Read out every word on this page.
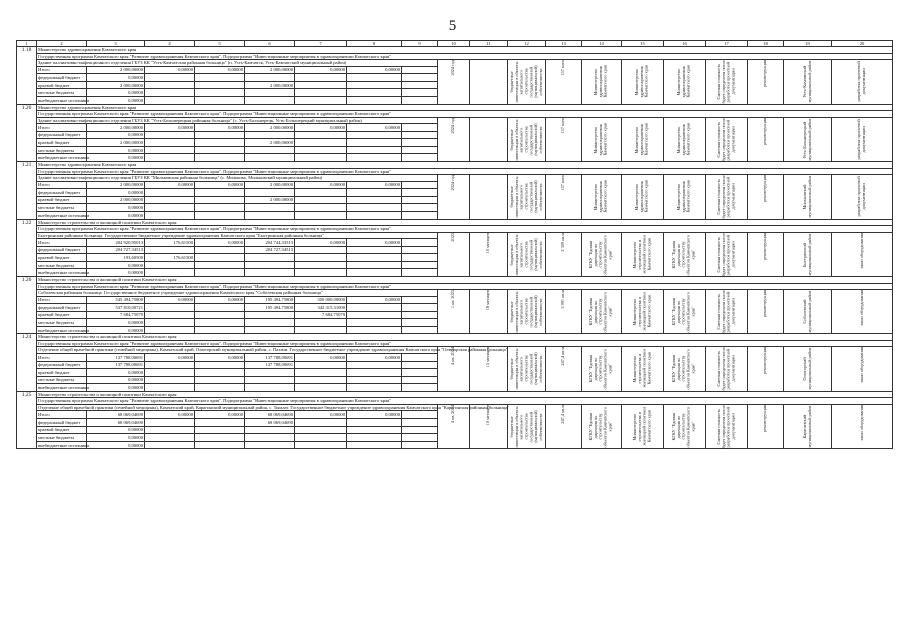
5
1	2	3	4	5	6	7	8	9	10	11	12	13	14	15	16	17	18	19	20
1.18	Министерство здравоохранения Камчатского края																		
	Государственная программа Камчатского края "Развитие здравоохранения Камчатского края". Подпрограмма "Инвестиционные мероприятия в здравоохранении Камчатского края"																		
	Здание паллиативно-инфекционного отделения ГБУЗ КК "Усть-Камчатская районная больница" (п. Усть-Камчатск, Усть-Камчатский муниципальный район)								2024 год		бюджетные инвестиции в объекты капитального строительства государственной (муниципальной) собственности	157 коек	Министерство здравоохранения Камчатского края	Министерство здравоохранения Камчатского края	Министерство здравоохранения Камчатского края	Сметная стоимость будет определена после разработки проектной документации	реконструкция	Усть-Камчатский муниципальный район	разработка проектной документации
	Итого	2 000,00000	0,00000	0,00000	2 000,00000	0,00000	0,00000												
	федеральный бюджет	0,00000																	
	краевой бюджет	2 000,00000			2 000,00000														
	местные бюджеты	0,00000																	
	внебюджетные источники	0,00000																	
1.20	Министерство здравоохранения Камчатского края																		
	Государственная программа Камчатского края "Развитие здравоохранения Камчатского края". Подпрограмма "Инвестиционные мероприятия в здравоохранении Камчатского края"																		
	Здание паллиативно-инфекционного отделения ГБУЗ КК "Усть-Большерецкая районная больница" (с. Усть-Большерецк, Усть-Большерецкий муниципальный район)								2024 год		бюджетные инвестиции в объекты капитального строительства государственной (муниципальной) собственности	157 коек	Министерство здравоохранения Камчатского края	Министерство здравоохранения Камчатского края	Министерство здравоохранения Камчатского края	Сметная стоимость будет определена после разработки проектной документации	реконструкция	Усть-Большерецкий муниципальный район	разработка проектной документации
	Итого	2 000,00000	0,00000	0,00000	2 000,00000	0,00000	0,00000												
	федеральный бюджет	0,00000																	
	краевой бюджет	2 000,00000			2 000,00000														
	местные бюджеты	0,00000																	
	внебюджетные источники	0,00000																	
1.21	Министерство здравоохранения Камчатского края																		
	Государственная программа Камчатского края "Развитие здравоохранения Камчатского края". Подпрограмма "Инвестиционные мероприятия в здравоохранении Камчатского края"																		
	Здание паллиативно-инфекционного отделения ГБУЗ КК "Мильковская районная больница" (с. Мильково, Мильковский муниципальный район)								2024 год		бюджетные инвестиции в объекты капитального строительства государственной (муниципальной) собственности	157 коек	Министерство здравоохранения Камчатского края	Министерство здравоохранения Камчатского края	Министерство здравоохранения Камчатского края	Сметная стоимость будет определена после разработки проектной документации	реконструкция	Мильковский муниципальный район	разработка проектной документации
	Итого	2 000,00000	0,00000	0,00000	2 000,00000	0,00000	0,00000												
	федеральный бюджет	0,00000																	
	краевой бюджет	2 000,00000			2 000,00000														
	местные бюджеты	0,00000																	
	внебюджетные источники	0,00000																	
1.22	Министерство строительства и жилищной политики Камчатского края																		
	Государственная программа Камчатского края "Развитие здравоохранения Камчатского края". Подпрограмма "Инвестиционные мероприятия в здравоохранении Камчатского края"																		
	Быстринская районная больница. Государственное бюджетное учреждение здравоохранения Камчатского края "Быстринская районная больница"								2025	10 месяцев	бюджетные инвестиции в объекты капитального строительства государственной (муниципальной) собственности	2 309 кв.м	КГКУ "Единая дирекция по строительству объектов Камчатского края"	Министерство строительства и жилищной политики Камчатского края	КГКУ "Единая дирекция по строительству объектов Камчатского края"	Сметная стоимость будет определена после разработки проектной документации	реконструкция	Быстринский муниципальный район	заказ оборудования
	Итого	204 920,95013	176,61500	0,00000	204 744,33513	0,00000	0,00000												
	федеральный бюджет	204 727,34513			204 727,34513														
	краевой бюджет	193,60500	176,61500																
	местные бюджеты	0,00000																	
	внебюджетные источники	0,00000																	
1.26	Министерство строительства и жилищной политики Камчатского края																		
	Государственная программа Камчатского края "Развитие здравоохранения Камчатского края". Подпрограмма "Инвестиционные мероприятия в здравоохранении Камчатского края"																		
	Соболевская районная больница. Государственное бюджетное учреждение здравоохранения Камчатского края "Соболевская районная больница"								1 кв. 2025	18 месяцев	бюджетные инвестиции в объекты капитального строительства государственной (муниципальной) собственности	3 991 кв.м	КГКУ "Единая дирекция по строительству объектов Камчатского края"	Министерство строительства и жилищной политики Камчатского края	КГКУ "Единая дирекция по строительству объектов Камчатского края"	Сметная стоимость будет определена после разработки проектной документации	реконструкция	Соболевский муниципальный район	заказ оборудования
	Итого	545 494,75800	0,00000	0,00000	195 494,75800	350 000,00000	0,00000												
	федеральный бюджет	537 810,00721			195 494,75800	342 315,31000													
	краевой бюджет	7 684,75079				7 684,75079													
	местные бюджеты	0,00000																	
	внебюджетные источники	0,00000																	
1.24	Министерство строительства и жилищной политики Камчатского края																		
	Государственная программа Камчатского края "Развитие здравоохранения Камчатского края". Подпрограмма "Инвестиционные мероприятия в здравоохранении Камчатского края"																		
	Отделение общей врачебной практики (семейной медицины), Камчатский край, Олюторский муниципальный район, с. Пахачи. Государственное бюджетное учреждение здравоохранения Камчатского края "Олюторская районная больница"								4 кв. 2024	15 месяцев	бюджетные инвестиции в объекты капитального строительства государственной (муниципальной) собственности	247,4 кв.м	КГКУ "Единая дирекция по строительству объектов Камчатского края"	Министерство строительства и жилищной политики Камчатского края	КГКУ "Единая дирекция по строительству объектов Камчатского края"	Сметная стоимость будет определена после разработки проектной документации	реконструкция	Олюторский муниципальный район	заказ оборудования
	Итого	137 788,00691	0,00000	0,00000	137 788,00691	0,00000	0,00000												
	федеральный бюджет	137 788,00691			137 788,00691														
	краевой бюджет	0,00000																	
	местные бюджеты	0,00000																	
	внебюджетные источники	0,00000																	
1.25	Министерство строительства и жилищной политики Камчатского края																		
	Государственная программа Камчатского края "Развитие здравоохранения Камчатского края". Подпрограмма "Инвестиционные мероприятия в здравоохранении Камчатского края"																		
	Отделение общей врачебной практики (семейной медицины), Камчатский край, Карагинский муниципальный район, с. Тымлат. Государственное бюджетное учреждение здравоохранения Камчатского края "Карагинская районная больница"								4 кв. 2024	10 месяцев	бюджетные инвестиции в объекты капитального строительства государственной (муниципальной) собственности	247,4 кв.м	КГКУ "Единая дирекция по строительству объектов Камчатского края"	Министерство строительства и жилищной политики Камчатского края	КГКУ "Единая дирекция по строительству объектов Камчатского края"	Сметная стоимость будет определена после разработки проектной документации	реконструкция	Карагинский муниципальный район	заказ оборудования
	Итого	68 069,04690	0,00000	0,00000	68 069,04690	0,00000	0,00000												
	федеральный бюджет	68 069,04690			68 069,04690														
	краевой бюджет	0,00000																	
	местные бюджеты	0,00000																	
	внебюджетные источники	0,00000																	
